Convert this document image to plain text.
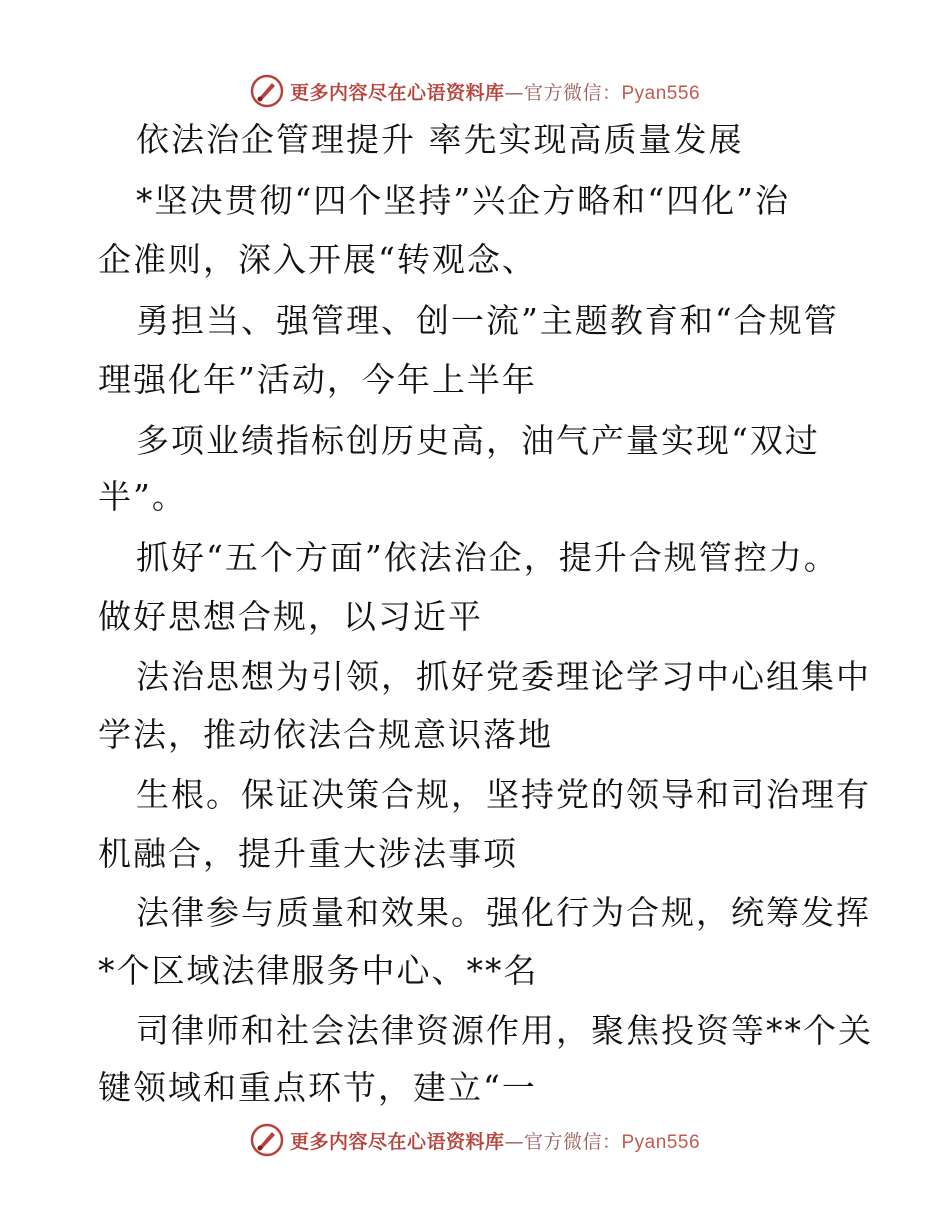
更多内容尽在心语资料库—官方微信：Pyan556
依法治企管理提升 率先实现高质量发展
*坚决贯彻“四个坚持”兴企方略和“四化”治
企准则，深入开展“转观念、
勇担当、强管理、创一流”主题教育和“合规管
理强化年”活动，今年上半年
多项业绩指标创历史高，油气产量实现“双过
半”。
抓好“五个方面”依法治企，提升合规管控力。
做好思想合规，以习近平
法治思想为引领，抓好党委理论学习中心组集中
学法，推动依法合规意识落地
生根。保证决策合规，坚持党的领导和司治理有
机融合，提升重大涉法事项
法律参与质量和效果。强化行为合规，统筹发挥
*个区域法律服务中心、**名
司律师和社会法律资源作用，聚焦投资等**个关
键领域和重点环节，建立“一
更多内容尽在心语资料库—官方微信：Pyan556
